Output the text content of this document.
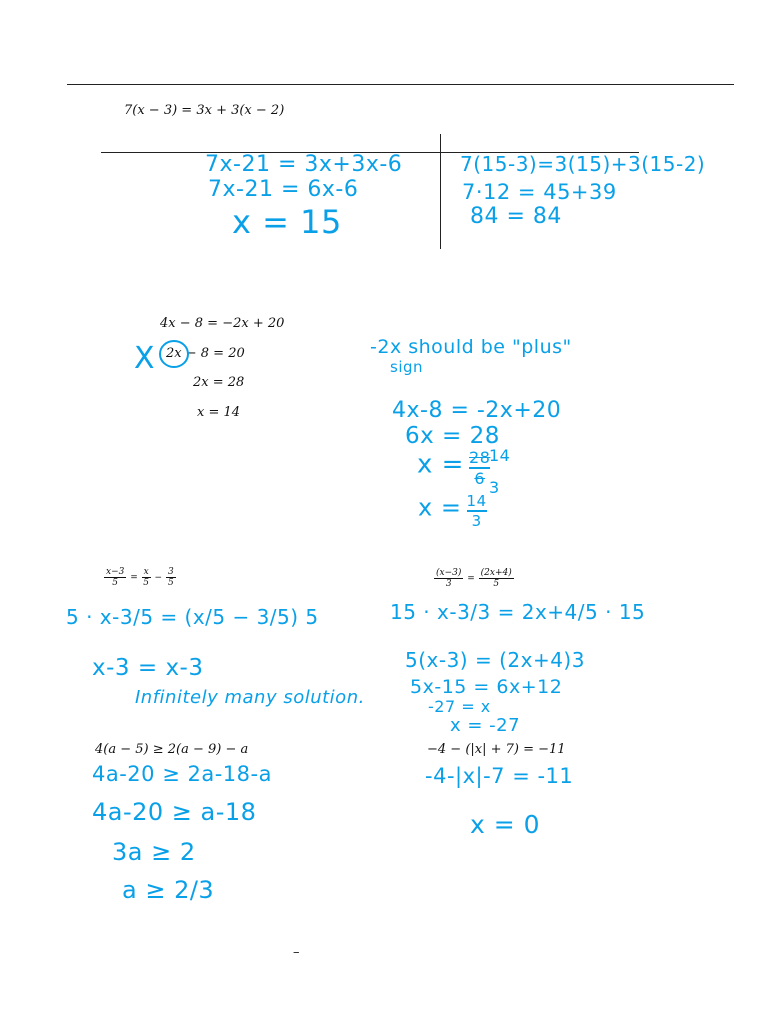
7(x − 3) = 3x + 3(x − 2)
7x-21 = 3x+3x-6
7x-21 = 6x-6
x = 15
7(15-3)=3(15)+3(15-2)
7·12 = 45+39
84 = 84
4x − 8 = −2x + 20
2x − 8 = 20
2x = 28
x = 14
X	-2x should be "plus"
sign
4x-8 = -2x+20
6x = 28
$x = \frac{28}{6}$
14
3
$x = \frac{14}{3}$
$\frac{x-3}{5} = \frac{x}{5} - \frac{3}{5}$
5 · x-3/5 = (x/5 − 3/5) 5
x-3 = x-3
Infinitely many solution.
$\frac{(x-3)}{3} = \frac{(2x+4)}{5}$
15 · x-3/3 = 2x+4/5 · 15
5(x-3) = (2x+4)3
5x-15 = 6x+12
-27 = x
x = -27
4(a − 5) ≥ 2(a − 9) − a
4a-20 ≥ 2a-18-a
4a-20 ≥ a-18
3a ≥ 2
a ≥ 2/3
−4 − (|x| + 7) = −11
-4-|x|-7 = -11
x = 0
–
